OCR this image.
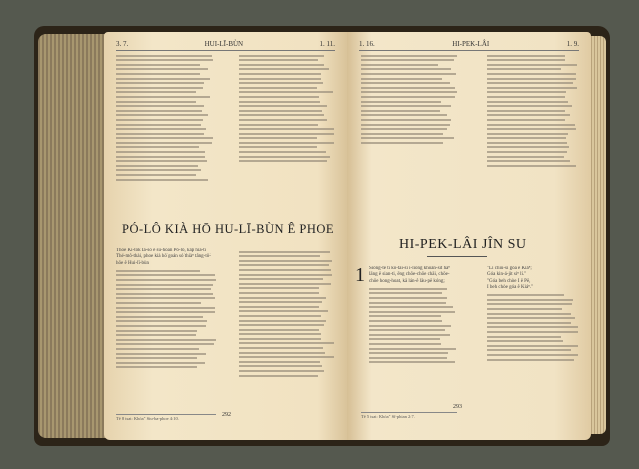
3. 7.	HUI-LĪ-BÙN	1. 11.
PÓ-LÔ KIÀ HŌ HU-LĪ-BÙN Ê PHOE
Thoe Ki-tok Iâ-so ê sù-hoān Pó-lô, kap hiā-tī Thé-mô-thài, phoe kià hō͘ goán só͘ thiàⁿ tâng-tô͘-hōe ê Hui-lī-bùn
Tē 8 tsat: Khòa" Siu-ba-phoe 4:10.
292
1. 16.	HI-PEK-LÂI	1. 9.
HI-PEK-LÂI JÎN SU
1 Siōng-tè tī kó͘-tāi-sî i-liōng khoán-sit hāⁿ lāng ê sian-ti, ēng chōe-chōe chāi, chōe-chōe hong-hoat, kā lán-ê lāu-pē kóng;
"Lí chiū-sī góa ê Kiáⁿ;
Góa kin-á-jit siⁿ lí."
"Góa beh chòe I ê Pē,
I beh chòe góa ê Kiáⁿ."
Tē 5 tsat: Khòa" Sî-phian 2:7.
293
